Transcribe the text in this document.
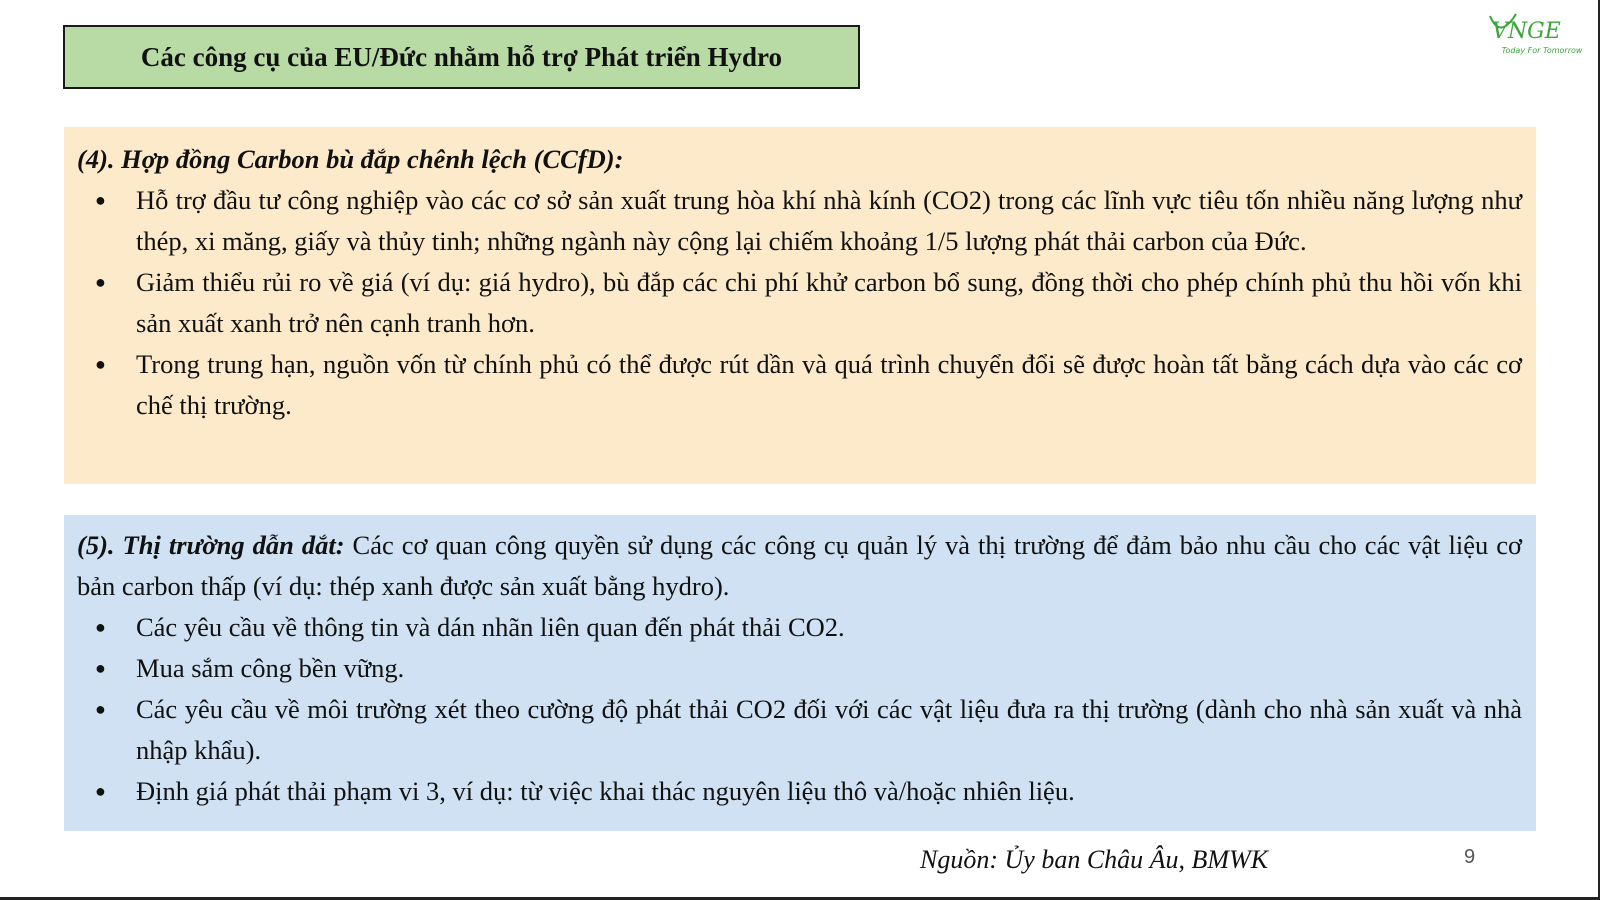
Các công cụ của EU/Đức nhằm hỗ trợ Phát triển Hydro
VNGE
Today For Tomorrow
(4). Hợp đồng Carbon bù đắp chênh lệch (CCfD):
● Hỗ trợ đầu tư công nghiệp vào các cơ sở sản xuất trung hòa khí nhà kính (CO2) trong các lĩnh vực tiêu tốn nhiều năng lượng như thép, xi măng, giấy và thủy tinh; những ngành này cộng lại chiếm khoảng 1/5 lượng phát thải carbon của Đức.
● Giảm thiểu rủi ro về giá (ví dụ: giá hydro), bù đắp các chi phí khử carbon bổ sung, đồng thời cho phép chính phủ thu hồi vốn khi sản xuất xanh trở nên cạnh tranh hơn.
● Trong trung hạn, nguồn vốn từ chính phủ có thể được rút dần và quá trình chuyển đổi sẽ được hoàn tất bằng cách dựa vào các cơ chế thị trường.

(5). Thị trường dẫn dắt: Các cơ quan công quyền sử dụng các công cụ quản lý và thị trường để đảm bảo nhu cầu cho các vật liệu cơ bản carbon thấp (ví dụ: thép xanh được sản xuất bằng hydro).

● Các yêu cầu về thông tin và dán nhãn liên quan đến phát thải CO2.
● Mua sắm công bền vững.
● Các yêu cầu về môi trường xét theo cường độ phát thải CO2 đối với các vật liệu đưa ra thị trường (dành cho nhà sản xuất và nhà nhập khẩu).
● Định giá phát thải phạm vi 3, ví dụ: từ việc khai thác nguyên liệu thô và/hoặc nhiên liệu.
Nguồn: Ủy ban Châu Âu, BMWK	9
